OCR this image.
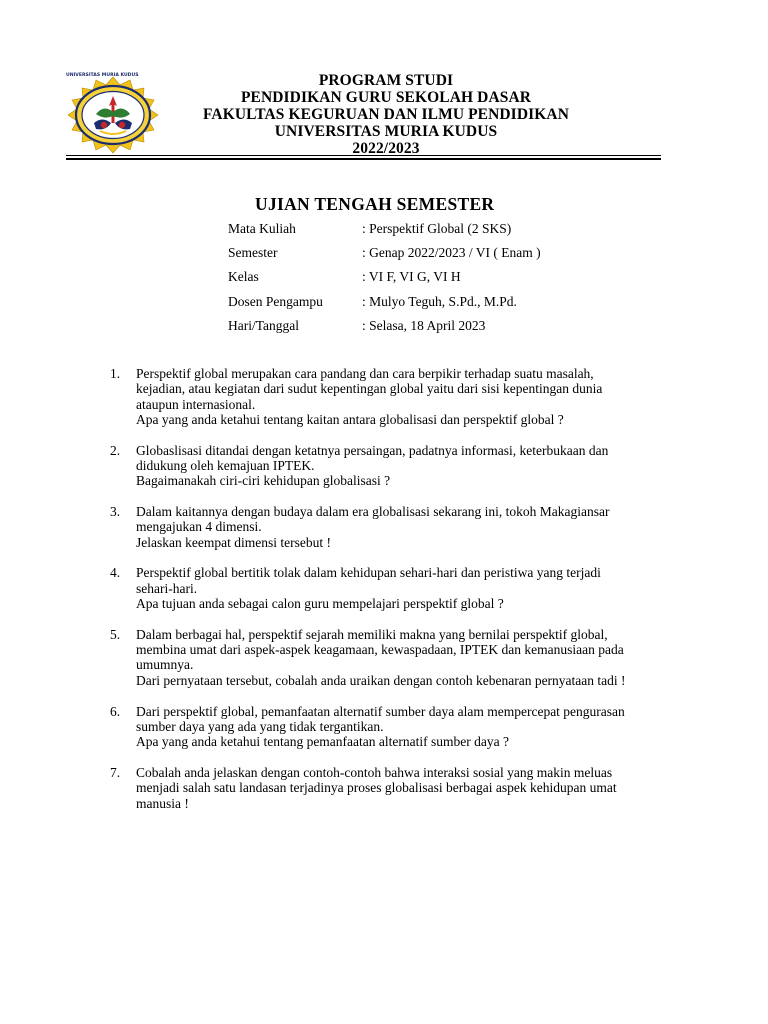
UNIVERSITAS MURIA KUDUS	PROGRAM STUDI
PENDIDIKAN GURU SEKOLAH DASAR
FAKULTAS KEGURUAN DAN ILMU PENDIDIKAN
UNIVERSITAS MURIA KUDUS
2022/2023
UJIAN TENGAH SEMESTER
Mata Kuliah	: Perspektif Global (2 SKS)
Semester	: Genap 2022/2023 / VI ( Enam )
Kelas	: VI F, VI G, VI H
Dosen Pengampu	: Mulyo Teguh, S.Pd., M.Pd.
Hari/Tanggal	: Selasa, 18 April 2023
1. Perspektif global merupakan cara pandang dan cara berpikir terhadap suatu masalah,
kejadian, atau kegiatan dari sudut kepentingan global yaitu dari sisi kepentingan dunia
ataupun internasional.
Apa yang anda ketahui tentang kaitan antara globalisasi dan perspektif global ?
2. Globaslisasi ditandai dengan ketatnya persaingan, padatnya informasi, keterbukaan dan
didukung oleh kemajuan IPTEK.
Bagaimanakah ciri-ciri kehidupan globalisasi ?
3. Dalam kaitannya dengan budaya dalam era globalisasi sekarang ini, tokoh Makagiansar
mengajukan 4 dimensi.
Jelaskan keempat dimensi tersebut !
4. Perspektif global bertitik tolak dalam kehidupan sehari-hari dan peristiwa yang terjadi
sehari-hari.
Apa tujuan anda sebagai calon guru mempelajari perspektif global ?
5. Dalam berbagai hal, perspektif sejarah memiliki makna yang bernilai perspektif global,
membina umat dari aspek-aspek keagamaan, kewaspadaan, IPTEK dan kemanusiaan pada
umumnya.
Dari pernyataan tersebut, cobalah anda uraikan dengan contoh kebenaran pernyataan tadi !
6. Dari perspektif global, pemanfaatan alternatif sumber daya alam mempercepat pengurasan
sumber daya yang ada yang tidak tergantikan.
Apa yang anda ketahui tentang pemanfaatan alternatif sumber daya ?
7. Cobalah anda jelaskan dengan contoh-contoh bahwa interaksi sosial yang makin meluas
menjadi salah satu landasan terjadinya proses globalisasi berbagai aspek kehidupan umat
manusia !
